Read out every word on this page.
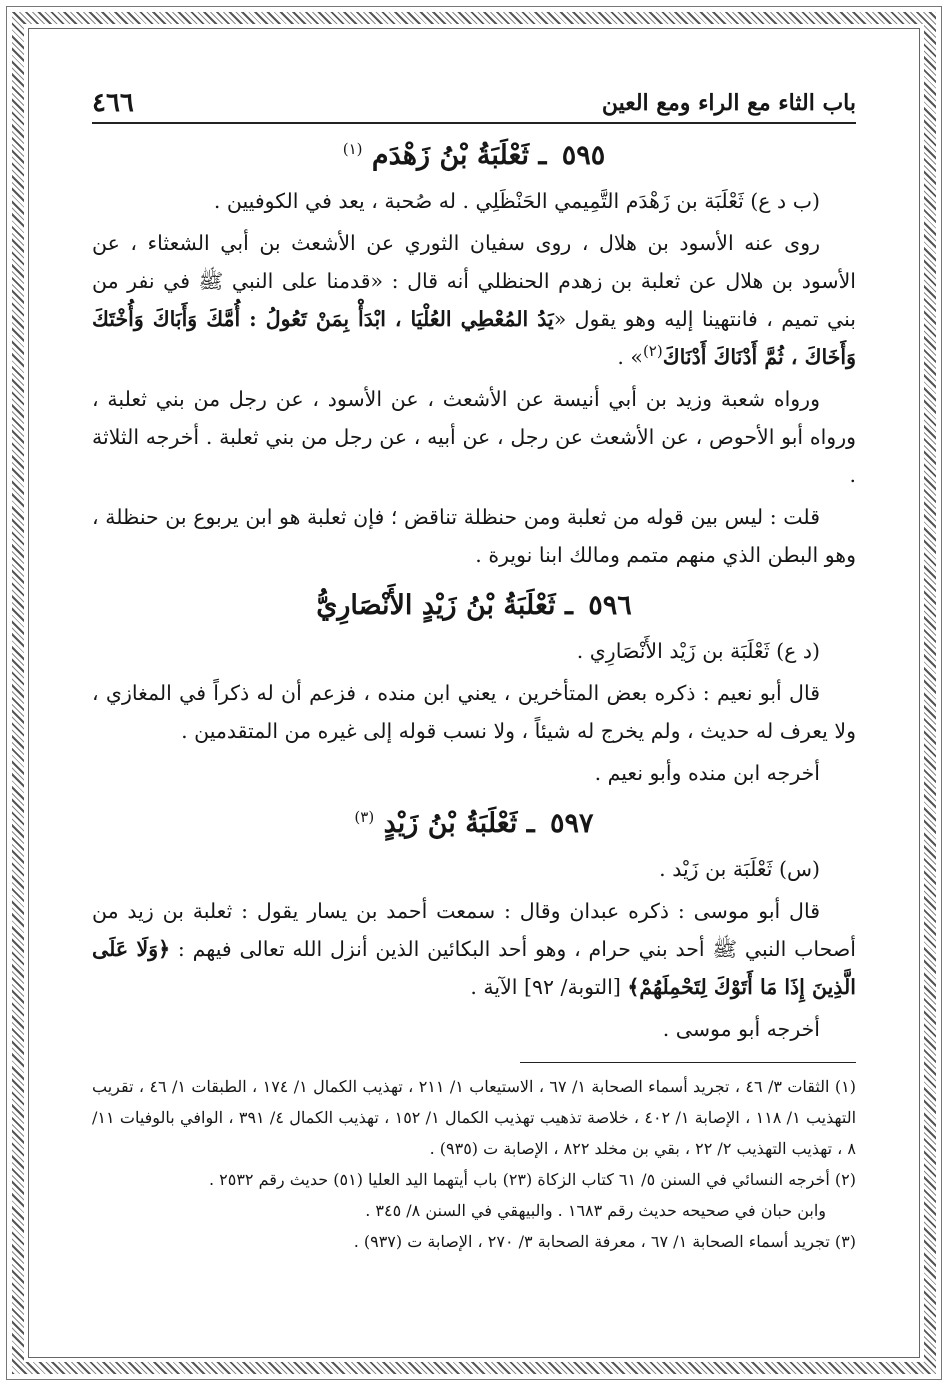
باب الثاء مع الراء ومع العين
٤٦٦
٥٩٥ ـ ثَعْلَبَةُ بْنُ زَهْدَم $^{(١)}$

(ب د ع) ثَعْلَبَة بن زَهْدَم التَّمِيمي الحَنْظَلِي . له صُحبة ، يعد في الكوفيين .

روى عنه الأسود بن هلال ، روى سفيان الثوري عن الأشعث بن أبي الشعثاء ، عن الأسود بن هلال عن ثعلبة بن زهدم الحنظلي أنه قال : «قدمنا على النبي ﷺ في نفر من بني تميم ، فانتهينا إليه وهو يقول «يَدُ المُعْطِي العُلْيَا ، ابْدَأْ بِمَنْ تَعُولُ : أُمَّكَ وَأَبَاكَ وَأُخْتَكَ وَأَخَاكَ ، ثُمَّ أَدْنَاكَ أَدْنَاكَ$^{(٢)}$» .

ورواه شعبة وزيد بن أبي أنيسة عن الأشعث ، عن الأسود ، عن رجل من بني ثعلبة ، ورواه أبو الأحوص ، عن الأشعث عن رجل ، عن أبيه ، عن رجل من بني ثعلبة . أخرجه الثلاثة .

قلت : ليس بين قوله من ثعلبة ومن حنظلة تناقض ؛ فإن ثعلبة هو ابن يربوع بن حنظلة ، وهو البطن الذي منهم متمم ومالك ابنا نويرة .

٥٩٦ ـ ثَعْلَبَةُ بْنُ زَيْدٍ الأَنْصَارِيُّ

(د ع) ثَعْلَبَة بن زَيْد الأَنْصَارِي .

قال أبو نعيم : ذكره بعض المتأخرين ، يعني ابن منده ، فزعم أن له ذكراً في المغازي ، ولا يعرف له حديث ، ولم يخرج له شيئاً ، ولا نسب قوله إلى غيره من المتقدمين .

أخرجه ابن منده وأبو نعيم .

٥٩٧ ـ ثَعْلَبَةُ بْنُ زَيْدٍ $^{(٣)}$

(س) ثَعْلَبَة بن زَيْد .

قال أبو موسى : ذكره عبدان وقال : سمعت أحمد بن يسار يقول : ثعلبة بن زيد من أصحاب النبي ﷺ أحد بني حرام ، وهو أحد البكائين الذين أنزل الله تعالى فيهم : ﴿وَلَا عَلَى الَّذِينَ إِذَا مَا أَتَوْكَ لِتَحْمِلَهُمْ﴾ [التوبة/ ٩٢] الآية .

أخرجه أبو موسى .

(١) الثقات ٣/ ٤٦ ، تجريد أسماء الصحابة ١/ ٦٧ ، الاستيعاب ١/ ٢١١ ، تهذيب الكمال ١/ ١٧٤ ، الطبقات ١/ ٤٦ ، تقريب التهذيب ١/ ١١٨ ، الإصابة ١/ ٤٠٢ ، خلاصة تذهيب تهذيب الكمال ١/ ١٥٢ ، تهذيب الكمال ٤/ ٣٩١ ، الوافي بالوفيات ١١/ ٨ ، تهذيب التهذيب ٢/ ٢٢ ، بقي بن مخلد ٨٢٢ ، الإصابة ت (٩٣٥) .

(٢) أخرجه النسائي في السنن ٥/ ٦١ كتاب الزكاة (٢٣) باب أيتهما اليد العليا (٥١) حديث رقم ٢٥٣٢ .

وابن حبان في صحيحه حديث رقم ١٦٨٣ . والبيهقي في السنن ٨/ ٣٤٥ .

(٣) تجريد أسماء الصحابة ١/ ٦٧ ، معرفة الصحابة ٣/ ٢٧٠ ، الإصابة ت (٩٣٧) .
